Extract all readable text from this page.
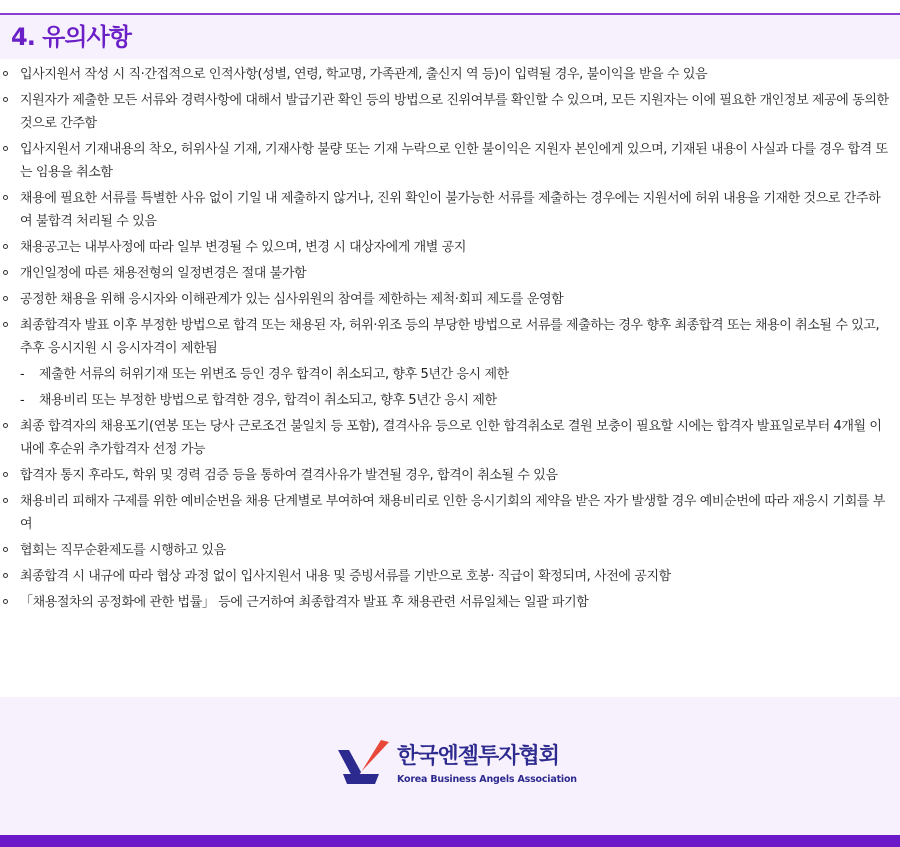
4. 유의사항
입사지원서 작성 시 직·간접적으로 인적사항(성별, 연령, 학교명, 가족관계, 출신지 역 등)이 입력될 경우, 불이익을 받을 수 있음
지원자가 제출한 모든 서류와 경력사항에 대해서 발급기관 확인 등의 방법으로 진위여부를 확인할 수 있으며, 모든 지원자는 이에 필요한 개인정보 제공에 동의한 것으로 간주함
입사지원서 기재내용의 착오, 허위사실 기재, 기재사항 불량 또는 기재 누락으로 인한 불이익은 지원자 본인에게 있으며, 기재된 내용이 사실과 다를 경우 합격 또는 임용을 취소함
채용에 필요한 서류를 특별한 사유 없이 기일 내 제출하지 않거나, 진위 확인이 불가능한 서류를 제출하는 경우에는 지원서에 허위 내용을 기재한 것으로 간주하여 불합격 처리될 수 있음
채용공고는 내부사정에 따라 일부 변경될 수 있으며, 변경 시 대상자에게 개별 공지
개인일정에 따른 채용전형의 일정변경은 절대 불가함
공정한 채용을 위해 응시자와 이해관계가 있는 심사위원의 참여를 제한하는 제척·회피 제도를 운영함
최종합격자 발표 이후 부정한 방법으로 합격 또는 채용된 자, 허위·위조 등의 부당한 방법으로 서류를 제출하는 경우 향후 최종합격 또는 채용이 취소될 수 있고, 추후 응시지원 시 응시자격이 제한됨
- 제출한 서류의 허위기재 또는 위변조 등인 경우 합격이 취소되고, 향후 5년간 응시 제한
- 채용비리 또는 부정한 방법으로 합격한 경우, 합격이 취소되고, 향후 5년간 응시 제한
최종 합격자의 채용포기(연봉 또는 당사 근로조건 불일치 등 포함), 결격사유 등으로 인한 합격취소로 결원 보충이 필요할 시에는 합격자 발표일로부터 4개월 이내에 후순위 추가합격자 선정 가능
합격자 통지 후라도, 학위 및 경력 검증 등을 통하여 결격사유가 발견될 경우, 합격이 취소될 수 있음
채용비리 피해자 구제를 위한 예비순번을 채용 단계별로 부여하여 채용비리로 인한 응시기회의 제약을 받은 자가 발생할 경우 예비순번에 따라 재응시 기회를 부여
협회는 직무순환제도를 시행하고 있음
최종합격 시 내규에 따라 협상 과정 없이 입사지원서 내용 및 증빙서류를 기반으로 호봉· 직급이 확정되며, 사전에 공지함
「채용절차의 공정화에 관한 법률」 등에 근거하여 최종합격자 발표 후 채용관련 서류일체는 일괄 파기함
한국엔젤투자협회
Korea Business Angels Association
